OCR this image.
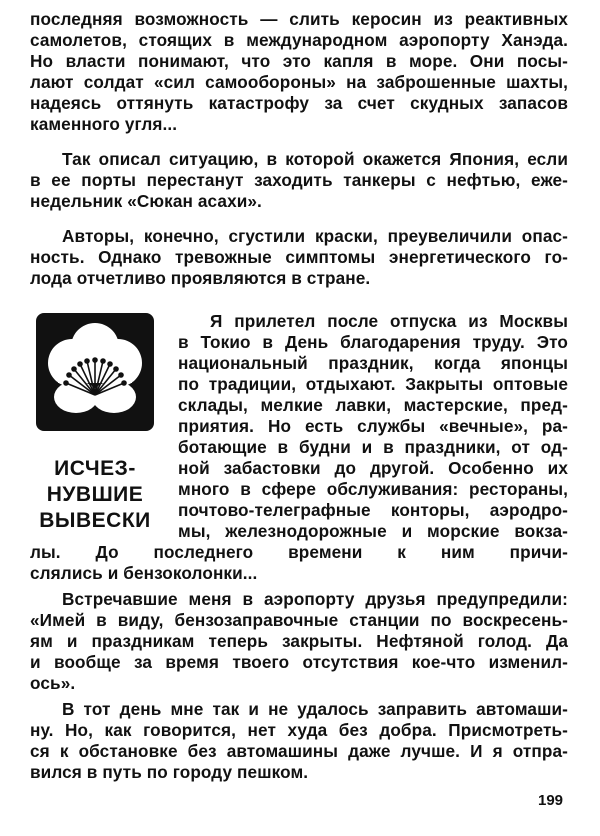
последняя возможность — слить керосин из реактивных
самолетов, стоящих в международном аэропорту Ханэда.
Но власти понимают, что это капля в море. Они посы-
лают солдат «сил самообороны» на заброшенные шахты,
надеясь оттянуть катастрофу за счет скудных запасов
каменного угля...
Так описал ситуацию, в которой окажется Япония, если
в ее порты перестанут заходить танкеры с нефтью, еже-
недельник «Сюкан асахи».
Авторы, конечно, сгустили краски, преувеличили опас-
ность. Однако тревожные симптомы энергетического го-
лода отчетливо проявляются в стране.
ИСЧЕЗ-
НУВШИЕ
ВЫВЕСКИ
Я прилетел после отпуска из Москвы
в Токио в День благодарения труду. Это
национальный праздник, когда японцы
по традиции, отдыхают. Закрыты оптовые
склады, мелкие лавки, мастерские, пред-
приятия. Но есть службы «вечные», ра-
ботающие в будни и в праздники, от од-
ной забастовки до другой. Особенно их
много в сфере обслуживания: рестораны,
почтово-телеграфные конторы, аэродро-
мы, железнодорожные и морские вокза-
лы. До последнего времени к ним причи-
слялись и бензоколонки...
Встречавшие меня в аэропорту друзья предупредили:
«Имей в виду, бензозаправочные станции по воскресень-
ям и праздникам теперь закрыты. Нефтяной голод. Да
и вообще за время твоего отсутствия кое-что изменил-
ось».
В тот день мне так и не удалось заправить автомаши-
ну. Но, как говорится, нет худа без добра. Присмотреть-
ся к обстановке без автомашины даже лучше. И я отпра-
вился в путь по городу пешком.
199
